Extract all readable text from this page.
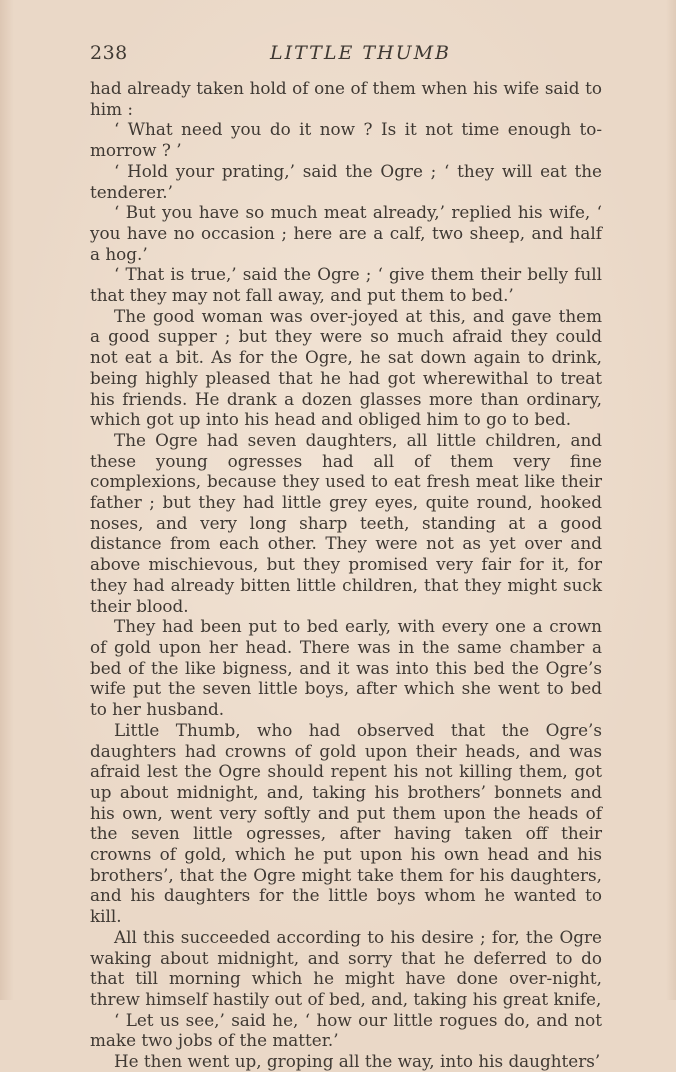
238	LITTLE THUMB

had already taken hold of one of them when his wife said to him :

‘ What need you do it now ? Is it not time enough to-morrow ? ’

‘ Hold your prating,’ said the Ogre ; ‘ they will eat the tenderer.’

‘ But you have so much meat already,’ replied his wife, ‘ you have no occasion ; here are a calf, two sheep, and half a hog.’

‘ That is true,’ said the Ogre ; ‘ give them their belly full that they may not fall away, and put them to bed.’

The good woman was over-joyed at this, and gave them a good supper ; but they were so much afraid they could not eat a bit. As for the Ogre, he sat down again to drink, being highly pleased that he had got wherewithal to treat his friends. He drank a dozen glasses more than ordinary, which got up into his head and obliged him to go to bed.

The Ogre had seven daughters, all little children, and these young ogresses had all of them very fine complexions, because they used to eat fresh meat like their father ; but they had little grey eyes, quite round, hooked noses, and very long sharp teeth, standing at a good distance from each other. They were not as yet over and above mischievous, but they promised very fair for it, for they had already bitten little children, that they might suck their blood.

They had been put to bed early, with every one a crown of gold upon her head. There was in the same chamber a bed of the like bigness, and it was into this bed the Ogre’s wife put the seven little boys, after which she went to bed to her husband.

Little Thumb, who had observed that the Ogre’s daughters had crowns of gold upon their heads, and was afraid lest the Ogre should repent his not killing them, got up about midnight, and, taking his brothers’ bonnets and his own, went very softly and put them upon the heads of the seven little ogresses, after having taken off their crowns of gold, which he put upon his own head and his brothers’, that the Ogre might take them for his daughters, and his daughters for the little boys whom he wanted to kill.

All this succeeded according to his desire ; for, the Ogre waking about midnight, and sorry that he deferred to do that till morning which he might have done over-night, threw himself hastily out of bed, and, taking his great knife,

‘ Let us see,’ said he, ‘ how our little rogues do, and not make two jobs of the matter.’

He then went up, groping all the way, into his daughters’
